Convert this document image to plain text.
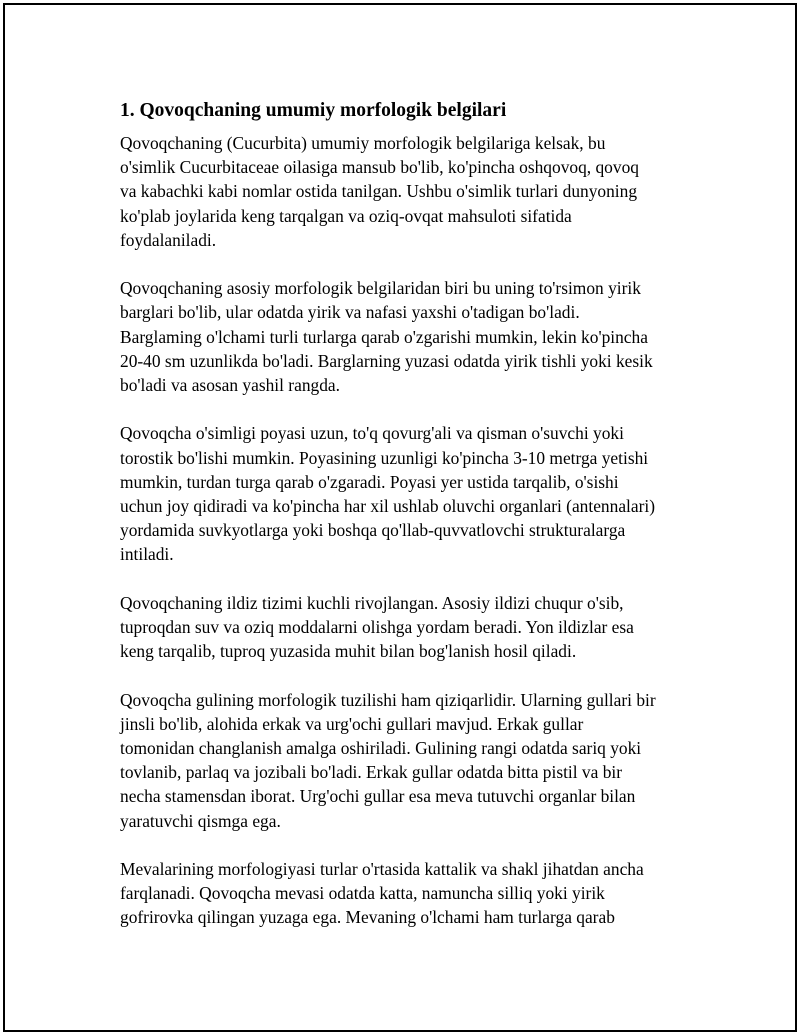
1. Qovoqchaning umumiy morfologik belgilari

Qovoqchaning (Cucurbita) umumiy morfologik belgilariga kelsak, bu
o'simlik Cucurbitaceae oilasiga mansub bo'lib, ko'pincha oshqovoq, qovoq
va kabachki kabi nomlar ostida tanilgan. Ushbu o'simlik turlari dunyoning
ko'plab joylarida keng tarqalgan va oziq-ovqat mahsuloti sifatida
foydalaniladi.

Qovoqchaning asosiy morfologik belgilaridan biri bu uning to'rsimon yirik
barglari bo'lib, ular odatda yirik va nafasi yaxshi o'tadigan bo'ladi.
Barglaming o'lchami turli turlarga qarab o'zgarishi mumkin, lekin ko'pincha
20-40 sm uzunlikda bo'ladi. Barglarning yuzasi odatda yirik tishli yoki kesik
bo'ladi va asosan yashil rangda.

Qovoqcha o'simligi poyasi uzun, to'q qovurg'ali va qisman o'suvchi yoki
torostik bo'lishi mumkin. Poyasining uzunligi ko'pincha 3-10 metrga yetishi
mumkin, turdan turga qarab o'zgaradi. Poyasi yer ustida tarqalib, o'sishi
uchun joy qidiradi va ko'pincha har xil ushlab oluvchi organlari (antennalari)
yordamida suvkyotlarga yoki boshqa qo'llab-quvvatlovchi strukturalarga
intiladi.

Qovoqchaning ildiz tizimi kuchli rivojlangan. Asosiy ildizi chuqur o'sib,
tuproqdan suv va oziq moddalarni olishga yordam beradi. Yon ildizlar esa
keng tarqalib, tuproq yuzasida muhit bilan bog'lanish hosil qiladi.

Qovoqcha gulining morfologik tuzilishi ham qiziqarlidir. Ularning gullari bir
jinsli bo'lib, alohida erkak va urg'ochi gullari mavjud. Erkak gullar
tomonidan changlanish amalga oshiriladi. Gulining rangi odatda sariq yoki
tovlanib, parlaq va jozibali bo'ladi. Erkak gullar odatda bitta pistil va bir
necha stamensdan iborat. Urg'ochi gullar esa meva tutuvchi organlar bilan
yaratuvchi qismga ega.

Mevalarining morfologiyasi turlar o'rtasida kattalik va shakl jihatdan ancha
farqlanadi. Qovoqcha mevasi odatda katta, namuncha silliq yoki yirik
gofrirovka qilingan yuzaga ega. Mevaning o'lchami ham turlarga qarab
